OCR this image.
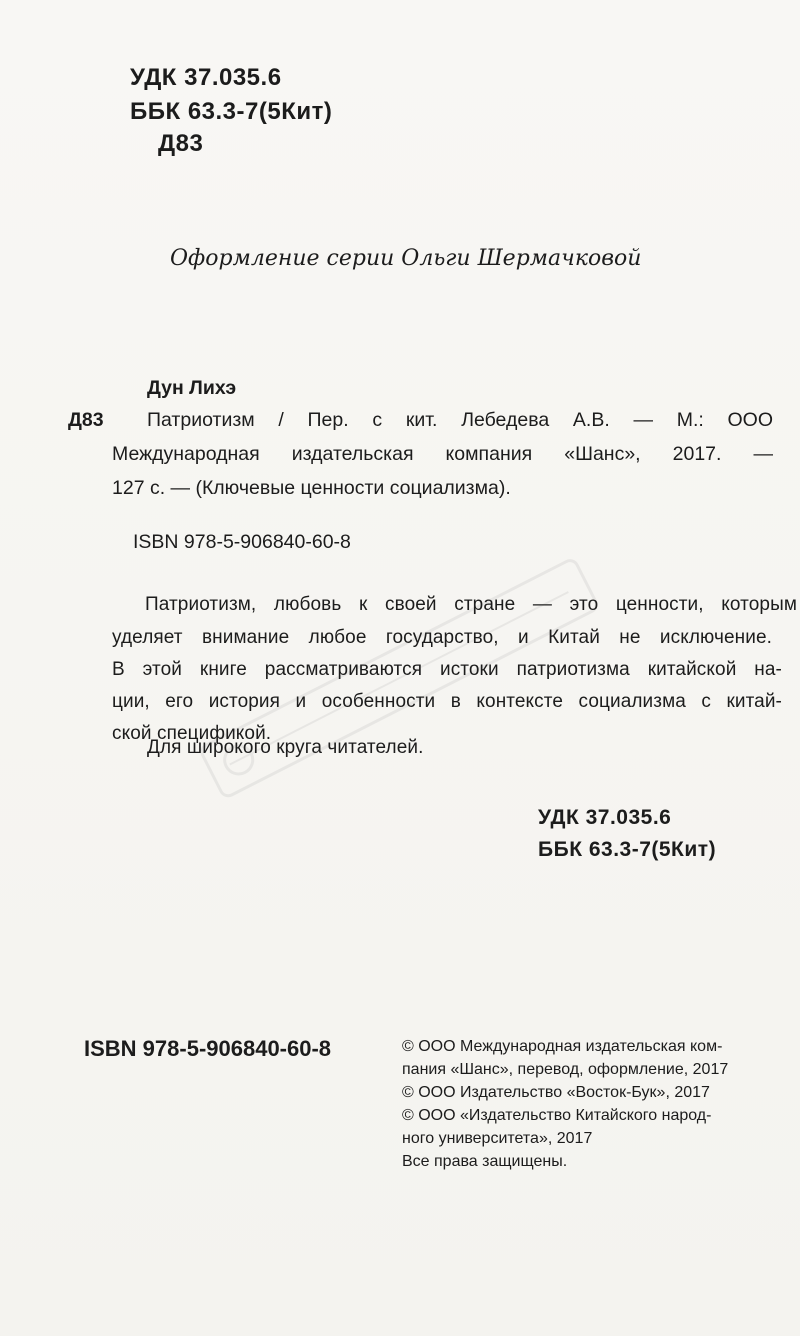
УДК 37.035.6

ББК 63.3-7(5Кит)

Д83

Оформление серии Ольги Шермачковой

Дун Лихэ

Д83 Патриотизм / Пер. с кит. Лебедева А.В. — М.: ООО

Международная издательская компания «Шанс», 2017. —

127 с. — (Ключевые ценности социализма).

ISBN 978-5-906840-60-8

Патриотизм, любовь к своей стране — это ценности, которым

уделяет внимание любое государство, и Китай не исключение.

В этой книге рассматриваются истоки патриотизма китайской на-

ции, его история и особенности в контексте социализма с китай-

ской спецификой.

Для широкого круга читателей.

УДК 37.035.6

ББК 63.3-7(5Кит)

ISBN 978-5-906840-60-8	© ООО Международная издательская ком-

пания «Шанс», перевод, оформление, 2017

© ООО Издательство «Восток-Бук», 2017

© ООО «Издательство Китайского народ-

ного университета», 2017

Все права защищены.
